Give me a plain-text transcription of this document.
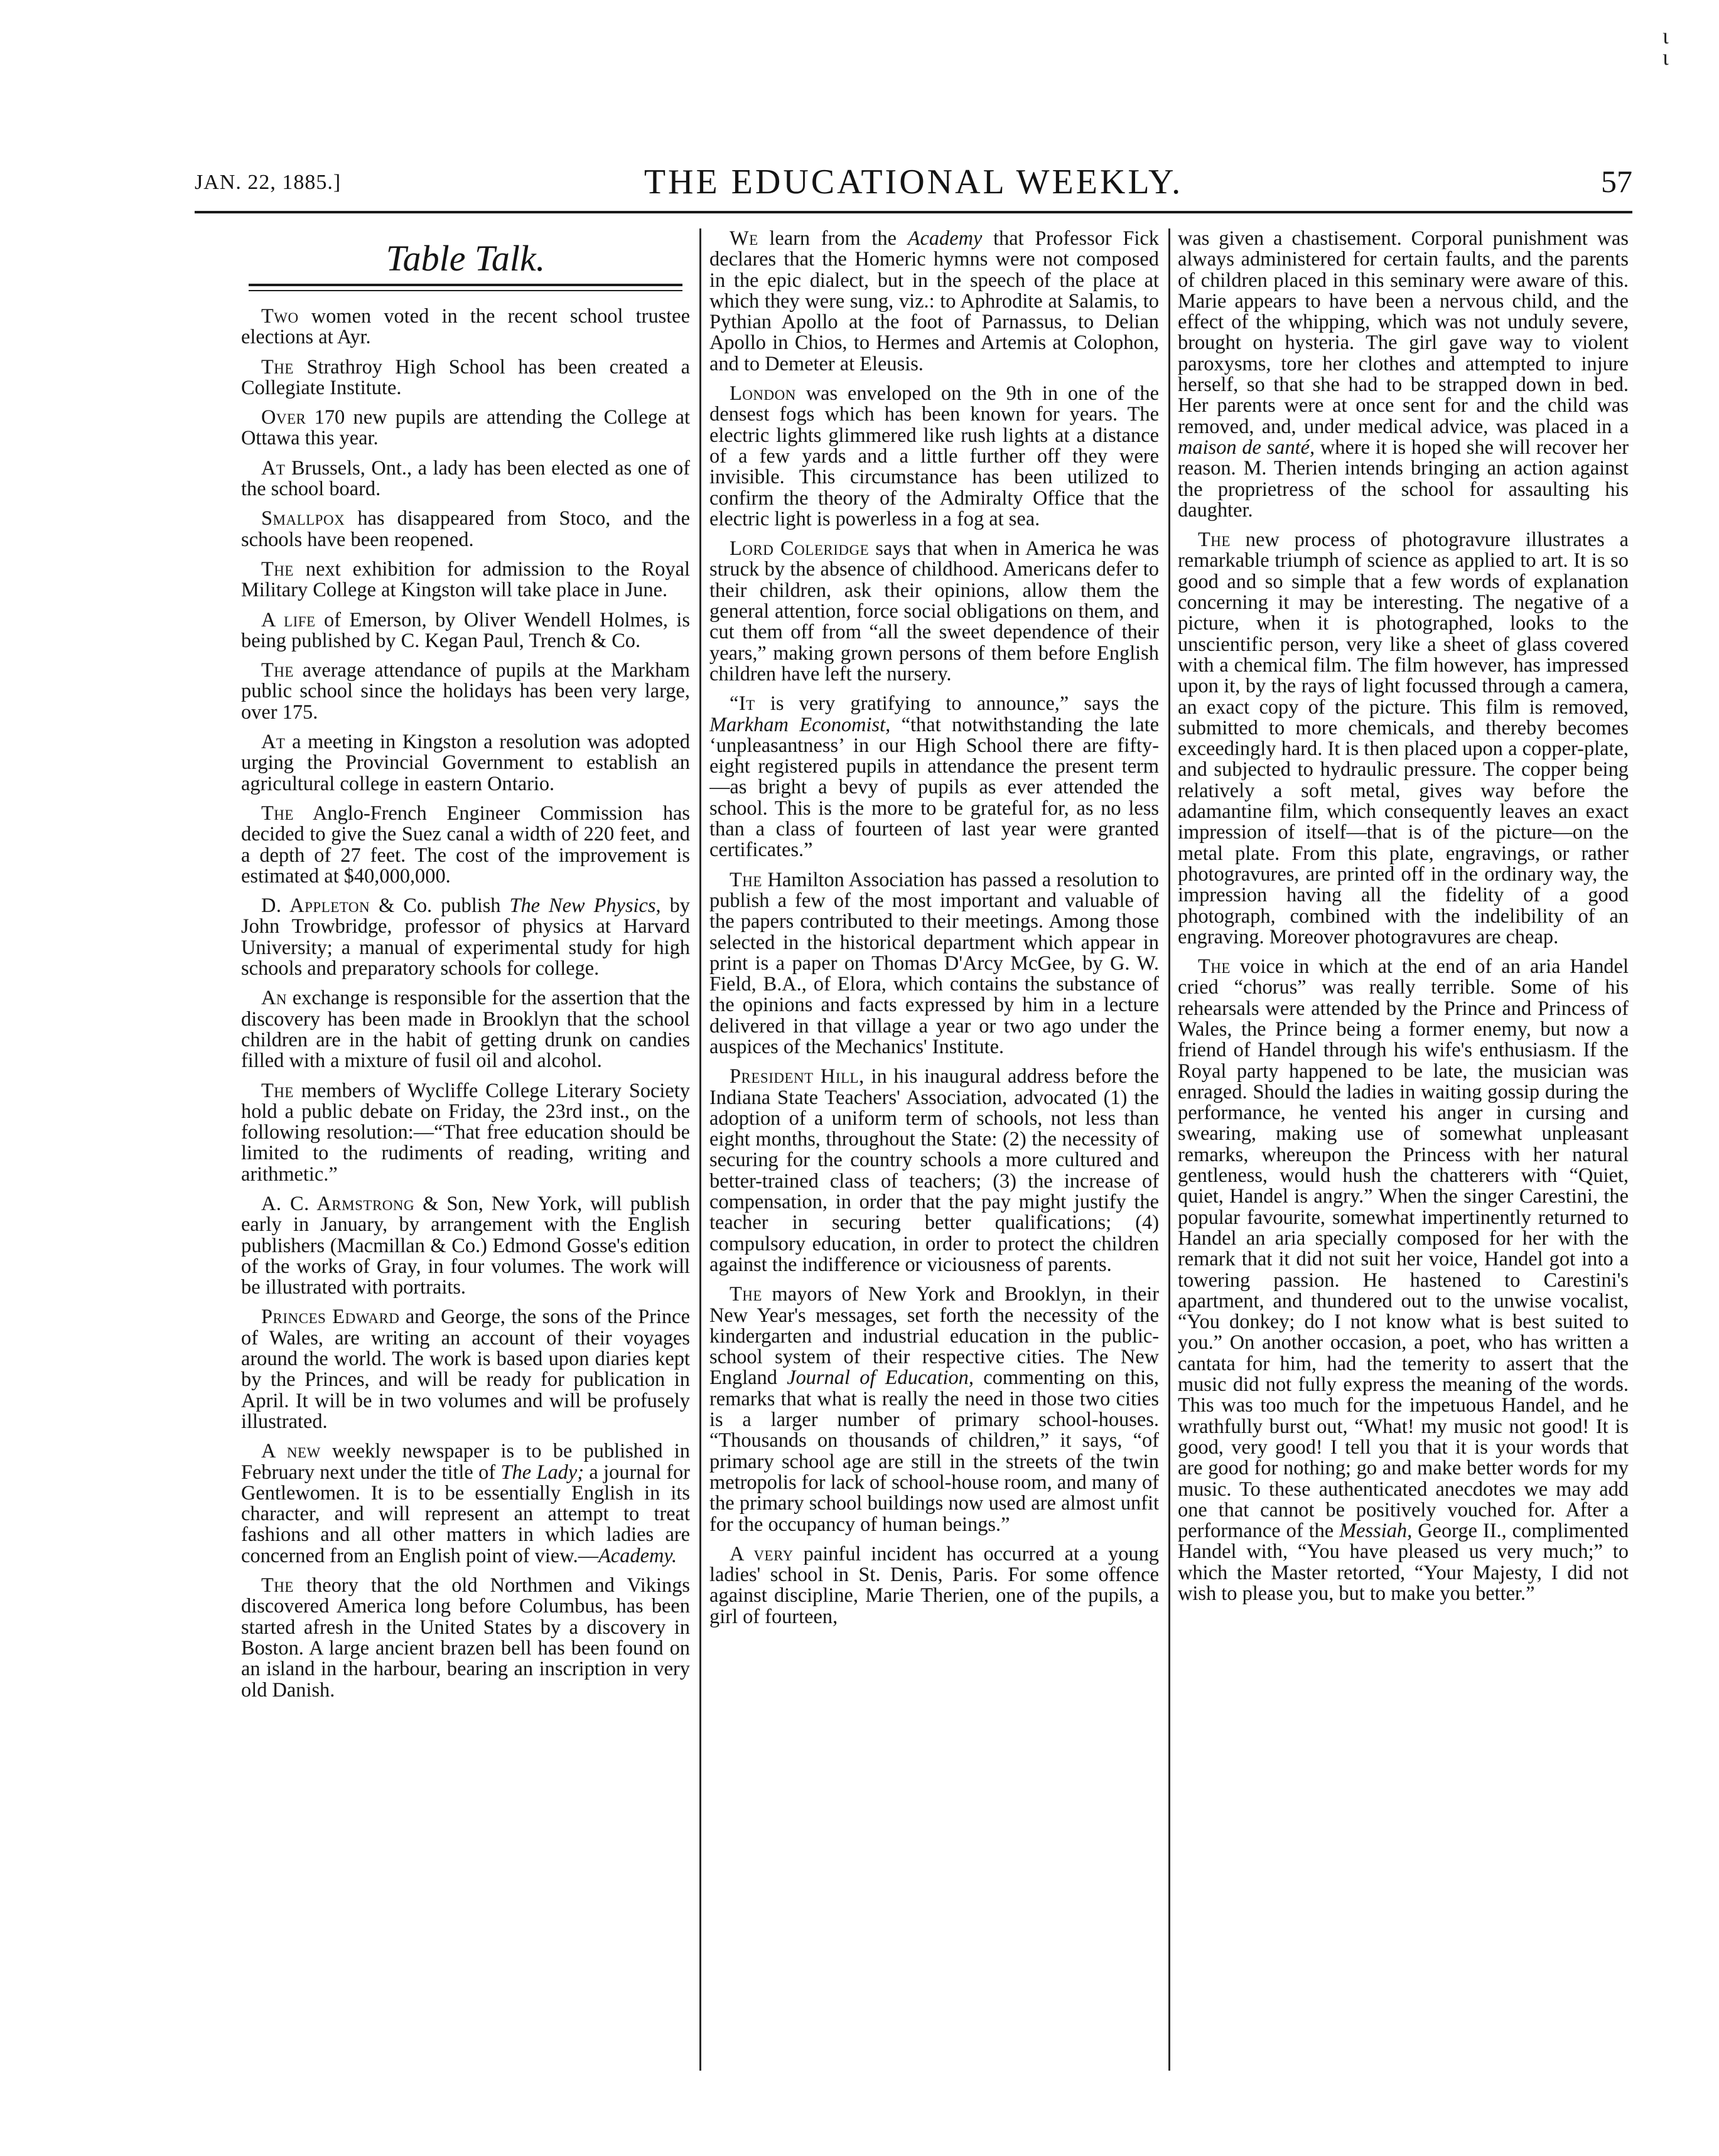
ι
ι
JAN. 22, 1885.]	THE EDUCATIONAL WEEKLY.	57
Table Talk.

Two women voted in the recent school trustee elections at Ayr.

The Strathroy High School has been created a Collegiate Institute.

Over 170 new pupils are attending the College at Ottawa this year.

At Brussels, Ont., a lady has been elected as one of the school board.

Smallpox has disappeared from Stoco, and the schools have been reopened.

The next exhibition for admission to the Royal Military College at Kingston will take place in June.

A life of Emerson, by Oliver Wendell Holmes, is being published by C. Kegan Paul, Trench & Co.

The average attendance of pupils at the Markham public school since the holidays has been very large, over 175.

At a meeting in Kingston a resolution was adopted urging the Provincial Government to establish an agricultural college in eastern Ontario.

The Anglo-French Engineer Commission has decided to give the Suez canal a width of 220 feet, and a depth of 27 feet. The cost of the improvement is estimated at $40,000,000.

D. Appleton & Co. publish The New Physics, by John Trowbridge, professor of physics at Harvard University; a manual of experimental study for high schools and preparatory schools for college.

An exchange is responsible for the assertion that the discovery has been made in Brooklyn that the school children are in the habit of getting drunk on candies filled with a mixture of fusil oil and alcohol.

The members of Wycliffe College Literary Society hold a public debate on Friday, the 23rd inst., on the following resolution:—“That free education should be limited to the rudiments of reading, writing and arithmetic.”

A. C. Armstrong & Son, New York, will publish early in January, by arrangement with the English publishers (Macmillan & Co.) Edmond Gosse's edition of the works of Gray, in four volumes. The work will be illustrated with portraits.

Princes Edward and George, the sons of the Prince of Wales, are writing an account of their voyages around the world. The work is based upon diaries kept by the Princes, and will be ready for publication in April. It will be in two volumes and will be profusely illustrated.

A new weekly newspaper is to be published in February next under the title of The Lady; a journal for Gentlewomen. It is to be essentially English in its character, and will represent an attempt to treat fashions and all other matters in which ladies are concerned from an English point of view.—Academy.

The theory that the old Northmen and Vikings discovered America long before Columbus, has been started afresh in the United States by a discovery in Boston. A large ancient brazen bell has been found on an island in the harbour, bearing an inscription in very old Danish.

We learn from the Academy that Professor Fick declares that the Homeric hymns were not composed in the epic dialect, but in the speech of the place at which they were sung, viz.: to Aphrodite at Salamis, to Pythian Apollo at the foot of Parnassus, to Delian Apollo in Chios, to Hermes and Artemis at Colophon, and to Demeter at Eleusis.

London was enveloped on the 9th in one of the densest fogs which has been known for years. The electric lights glimmered like rush lights at a distance of a few yards and a little further off they were invisible. This circumstance has been utilized to confirm the theory of the Admiralty Office that the electric light is powerless in a fog at sea.

Lord Coleridge says that when in America he was struck by the absence of childhood. Americans defer to their children, ask their opinions, allow them the general attention, force social obligations on them, and cut them off from “all the sweet dependence of their years,” making grown persons of them before English children have left the nursery.

“It is very gratifying to announce,” says the Markham Economist, “that notwithstanding the late ‘unpleasantness’ in our High School there are fifty-eight registered pupils in attendance the present term—as bright a bevy of pupils as ever attended the school. This is the more to be grateful for, as no less than a class of fourteen of last year were granted certificates.”

The Hamilton Association has passed a resolution to publish a few of the most important and valuable of the papers contributed to their meetings. Among those selected in the historical department which appear in print is a paper on Thomas D'Arcy McGee, by G. W. Field, B.A., of Elora, which contains the substance of the opinions and facts expressed by him in a lecture delivered in that village a year or two ago under the auspices of the Mechanics' Institute.

President Hill, in his inaugural address before the Indiana State Teachers' Association, advocated (1) the adoption of a uniform term of schools, not less than eight months, throughout the State: (2) the necessity of securing for the country schools a more cultured and better-trained class of teachers; (3) the increase of compensation, in order that the pay might justify the teacher in securing better qualifications; (4) compulsory education, in order to protect the children against the indifference or viciousness of parents.

The mayors of New York and Brooklyn, in their New Year's messages, set forth the necessity of the kindergarten and industrial education in the public-school system of their respective cities. The New England Journal of Education, commenting on this, remarks that what is really the need in those two cities is a larger number of primary school-houses. “Thousands on thousands of children,” it says, “of primary school age are still in the streets of the twin metropolis for lack of school-house room, and many of the primary school buildings now used are almost unfit for the occupancy of human beings.”

A very painful incident has occurred at a young ladies' school in St. Denis, Paris. For some offence against discipline, Marie Therien, one of the pupils, a girl of fourteen,

was given a chastisement. Corporal punishment was always administered for certain faults, and the parents of children placed in this seminary were aware of this. Marie appears to have been a nervous child, and the effect of the whipping, which was not unduly severe, brought on hysteria. The girl gave way to violent paroxysms, tore her clothes and attempted to injure herself, so that she had to be strapped down in bed. Her parents were at once sent for and the child was removed, and, under medical advice, was placed in a maison de santé, where it is hoped she will recover her reason. M. Therien intends bringing an action against the proprietress of the school for assaulting his daughter.

The new process of photogravure illustrates a remarkable triumph of science as applied to art. It is so good and so simple that a few words of explanation concerning it may be interesting. The negative of a picture, when it is photographed, looks to the unscientific person, very like a sheet of glass covered with a chemical film. The film however, has impressed upon it, by the rays of light focussed through a camera, an exact copy of the picture. This film is removed, submitted to more chemicals, and thereby becomes exceedingly hard. It is then placed upon a copper-plate, and subjected to hydraulic pressure. The copper being relatively a soft metal, gives way before the adamantine film, which consequently leaves an exact impression of itself—that is of the picture—on the metal plate. From this plate, engravings, or rather photogravures, are printed off in the ordinary way, the impression having all the fidelity of a good photograph, combined with the indelibility of an engraving. Moreover photogravures are cheap.

The voice in which at the end of an aria Handel cried “chorus” was really terrible. Some of his rehearsals were attended by the Prince and Princess of Wales, the Prince being a former enemy, but now a friend of Handel through his wife's enthusiasm. If the Royal party happened to be late, the musician was enraged. Should the ladies in waiting gossip during the performance, he vented his anger in cursing and swearing, making use of somewhat unpleasant remarks, whereupon the Princess with her natural gentleness, would hush the chatterers with “Quiet, quiet, Handel is angry.” When the singer Carestini, the popular favourite, somewhat impertinently returned to Handel an aria specially composed for her with the remark that it did not suit her voice, Handel got into a towering passion. He hastened to Carestini's apartment, and thundered out to the unwise vocalist, “You donkey; do I not know what is best suited to you.” On another occasion, a poet, who has written a cantata for him, had the temerity to assert that the music did not fully express the meaning of the words. This was too much for the impetuous Handel, and he wrathfully burst out, “What! my music not good! It is good, very good! I tell you that it is your words that are good for nothing; go and make better words for my music. To these authenticated anecdotes we may add one that cannot be positively vouched for. After a performance of the Messiah, George II., complimented Handel with, “You have pleased us very much;” to which the Master retorted, “Your Majesty, I did not wish to please you, but to make you better.”
